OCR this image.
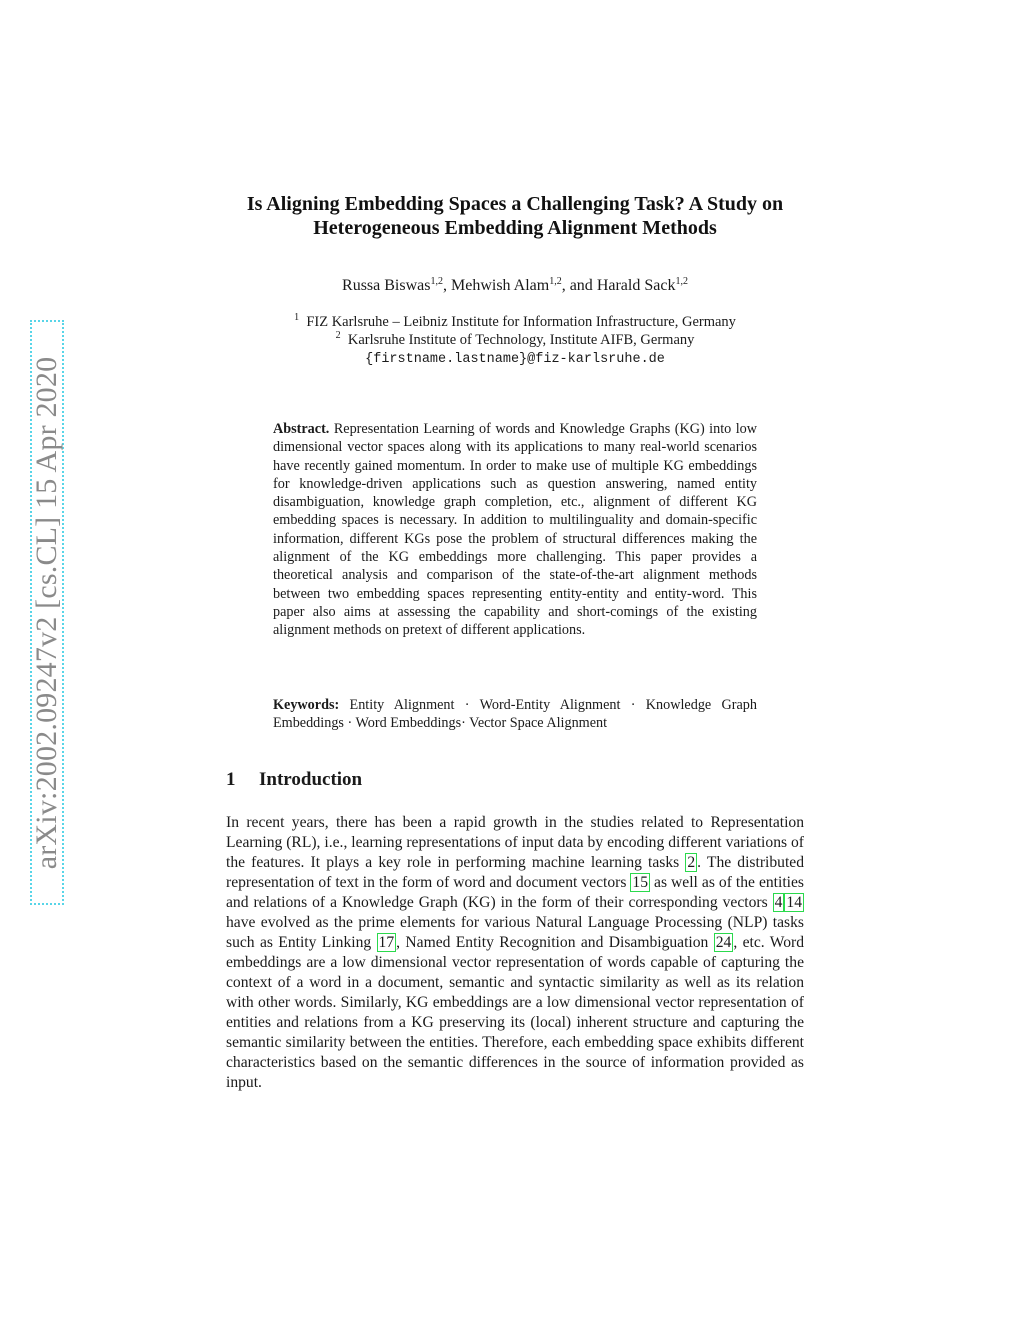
arXiv:2002.09247v2 [cs.CL] 15 Apr 2020
Is Aligning Embedding Spaces a Challenging Task? A Study on Heterogeneous Embedding Alignment Methods
Russa Biswas$^{1,2}$, Mehwish Alam$^{1,2}$, and Harald Sack$^{1,2}$
$^1$ FIZ Karlsruhe – Leibniz Institute for Information Infrastructure, Germany
$^2$ Karlsruhe Institute of Technology, Institute AIFB, Germany
{firstname.lastname}@fiz-karlsruhe.de
Abstract. Representation Learning of words and Knowledge Graphs (KG) into low dimensional vector spaces along with its applications to many real-world scenarios have recently gained momentum. In order to make use of multiple KG embeddings for knowledge-driven applications such as question answering, named entity disambiguation, knowledge graph completion, etc., alignment of different KG embedding spaces is necessary. In addition to multilinguality and domain-specific information, different KGs pose the problem of structural differences making the alignment of the KG embeddings more challenging. This paper provides a theoretical analysis and comparison of the state-of-the-art alignment methods between two embedding spaces representing entity-entity and entity-word. This paper also aims at assessing the capability and short-comings of the existing alignment methods on pretext of different applications.
Keywords: Entity Alignment · Word-Entity Alignment · Knowledge Graph Embeddings · Word Embeddings· Vector Space Alignment
1 Introduction
In recent years, there has been a rapid growth in the studies related to Representation Learning (RL), i.e., learning representations of input data by encoding different variations of the features. It plays a key role in performing machine learning tasks 2 . The distributed representation of text in the form of word and document vectors 15 as well as of the entities and relations of a Knowledge Graph (KG) in the form of their corresponding vectors 4 14 have evolved as the prime elements for various Natural Language Processing (NLP) tasks such as Entity Linking 17 , Named Entity Recognition and Disambiguation 24 , etc. Word embeddings are a low dimensional vector representation of words capable of capturing the context of a word in a document, semantic and syntactic similarity as well as its relation with other words. Similarly, KG embeddings are a low dimensional vector representation of entities and relations from a KG preserving its (local) inherent structure and capturing the semantic similarity between the entities. Therefore, each embedding space exhibits different characteristics based on the semantic differences in the source of information provided as input.
